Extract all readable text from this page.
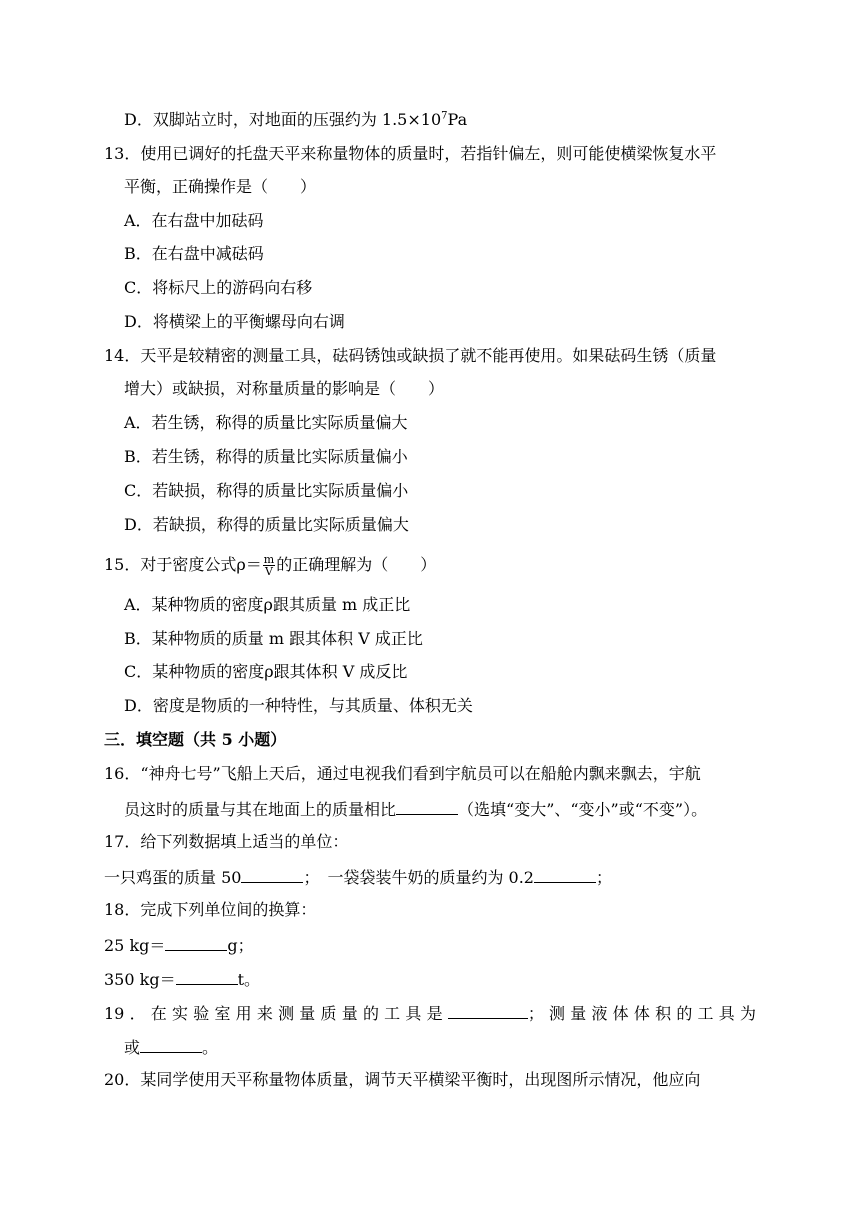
D．双脚站立时，对地面的压强约为 $1.5\times 10^7Pa$
13．使用已调好的托盘天平来称量物体的质量时，若指针偏左，则可能使横梁恢复水平
平衡，正确操作是（　　）
A．在右盘中加砝码
B．在右盘中减砝码
C．将标尺上的游码向右移
D．将横梁上的平衡螺母向右调
14．天平是较精密的测量工具，砝码锈蚀或缺损了就不能再使用。如果砝码生锈（质量
增大）或缺损，对称量质量的影响是（　　）
A．若生锈，称得的质量比实际质量偏大
B．若生锈，称得的质量比实际质量偏小
C．若缺损，称得的质量比实际质量偏小
D．若缺损，称得的质量比实际质量偏大
15．对于密度公式$\rho= \frac{m}{V}$ 的正确理解为（　　）
A．某种物质的密度ρ跟其质量 m 成正比
B．某种物质的质量 m 跟其体积 V 成正比
C．某种物质的密度ρ跟其体积 V 成反比
D．密度是物质的一种特性，与其质量、体积无关
三．填空题（共 5 小题）
16．“神舟七号”飞船上天后，通过电视我们看到宇航员可以在船舱内飘来飘去，宇航
员这时的质量与其在地面上的质量相比	（选填“变大”、“变小”或“不变”）。
17．给下列数据填上适当的单位：
一只鸡蛋的质量 50	；　一袋袋装牛奶的质量约为 0.2	；
18．完成下列单位间的换算：
25 kg＝	g；
350 kg＝	t。
19．在实验室用来测量质量的工具是	；测量液体体积的工具为
或	。
20．某同学使用天平称量物体质量，调节天平横梁平衡时，出现图所示情况，他应向
